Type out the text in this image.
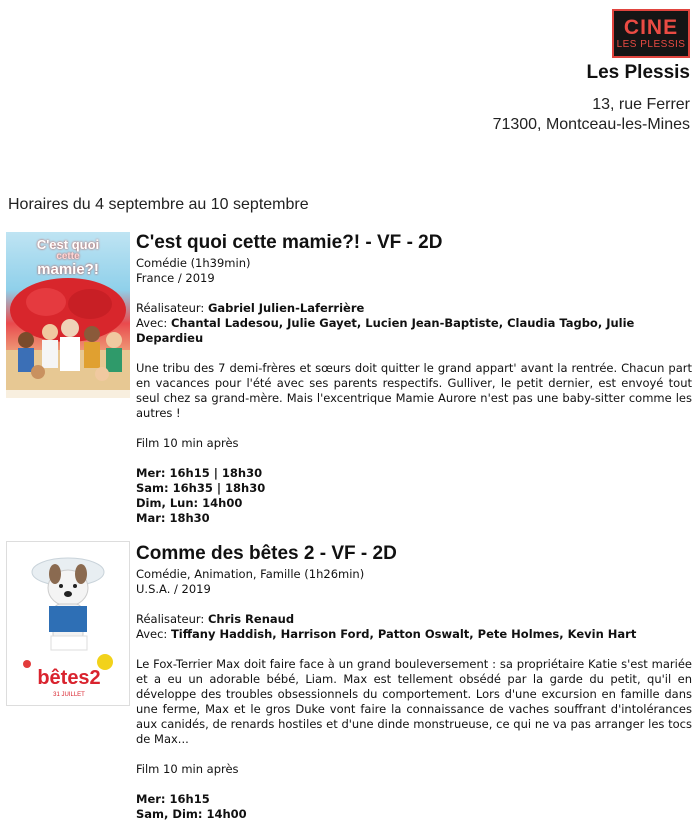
CINE
LES PLESSIS
Les Plessis
13, rue Ferrer
71300, Montceau-les-Mines
Horaires du 4 septembre au 10 septembre
C'est quoi
cette
mamie?!
C'est quoi cette mamie?! - VF - 2D
Comédie (1h39min)
France / 2019
Réalisateur: Gabriel Julien-Laferrière
Avec: Chantal Ladesou, Julie Gayet, Lucien Jean-Baptiste, Claudia Tagbo, Julie Depardieu
Une tribu des 7 demi-frères et sœurs doit quitter le grand appart' avant la rentrée. Chacun part en vacances pour l'été avec ses parents respectifs. Gulliver, le petit dernier, est envoyé tout seul chez sa grand-mère. Mais l'excentrique Mamie Aurore n'est pas une baby-sitter comme les autres !
Film 10 min après
Mer: 16h15 | 18h30
Sam: 16h35 | 18h30
Dim, Lun: 14h00
Mar: 18h30
bêtes2
31 JUILLET
Comme des bêtes 2 - VF - 2D
Comédie, Animation, Famille (1h26min)
U.S.A. / 2019
Réalisateur: Chris Renaud
Avec: Tiffany Haddish, Harrison Ford, Patton Oswalt, Pete Holmes, Kevin Hart
Le Fox-Terrier Max doit faire face à un grand bouleversement : sa propriétaire Katie s'est mariée et a eu un adorable bébé, Liam. Max est tellement obsédé par la garde du petit, qu'il en développe des troubles obsessionnels du comportement. Lors d'une excursion en famille dans une ferme, Max et le gros Duke vont faire la connaissance de vaches souffrant d'intolérances aux canidés, de renards hostiles et d'une dinde monstrueuse, ce qui ne va pas arranger les tocs de Max...
Film 10 min après
Mer: 16h15
Sam, Dim: 14h00
